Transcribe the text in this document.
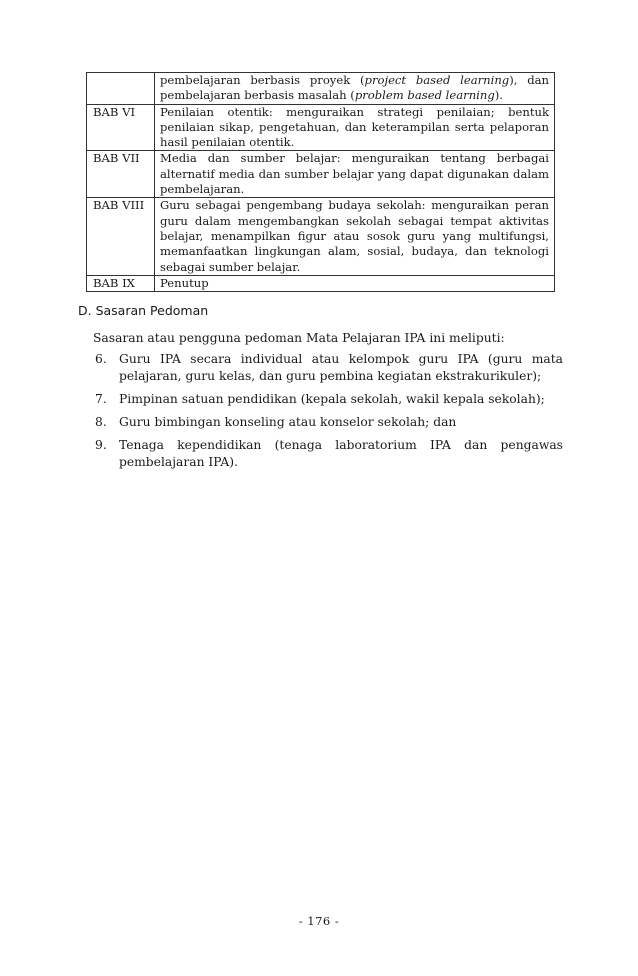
	pembelajaran berbasis proyek (project based learning), dan pembelajaran berbasis masalah (problem based learning).
BAB VI	Penilaian otentik: menguraikan strategi penilaian; bentuk penilaian sikap, pengetahuan, dan keterampilan serta pelaporan hasil penilaian otentik.
BAB VII	Media dan sumber belajar: menguraikan tentang berbagai alternatif media dan sumber belajar yang dapat digunakan dalam pembelajaran.
BAB VIII	Guru sebagai pengembang budaya sekolah: menguraikan peran guru dalam mengembangkan sekolah sebagai tempat aktivitas belajar, menampilkan figur atau sosok guru yang multifungsi, memanfaatkan lingkungan alam, sosial, budaya, dan teknologi sebagai sumber belajar.
BAB IX	Penutup
D. Sasaran Pedoman
Sasaran atau pengguna pedoman Mata Pelajaran IPA ini meliputi:
6. Guru IPA secara individual atau kelompok guru IPA (guru mata pelajaran, guru kelas, dan guru pembina kegiatan ekstrakurikuler);
7. Pimpinan satuan pendidikan (kepala sekolah, wakil kepala sekolah);
8. Guru bimbingan konseling atau konselor sekolah; dan
9. Tenaga kependidikan (tenaga laboratorium IPA dan pengawas pembelajaran IPA).
- 176 -
